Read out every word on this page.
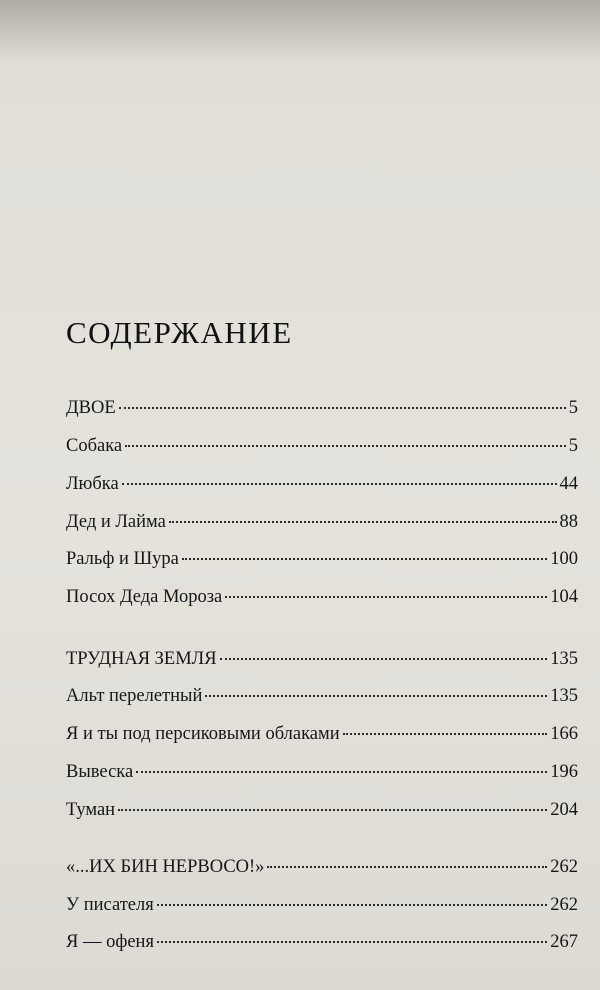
СОДЕРЖАНИЕ
ДВОЕ	5
Собака	5
Любка	44
Дед и Лайма	88
Ральф и Шура	100
Посох Деда Мороза	104
ТРУДНАЯ ЗЕМЛЯ	135
Альт перелетный	135
Я и ты под персиковыми облаками	166
Вывеска	196
Туман	204
«...ИХ БИН НЕРВОСО!»	262
У писателя	262
Я — офеня	267
